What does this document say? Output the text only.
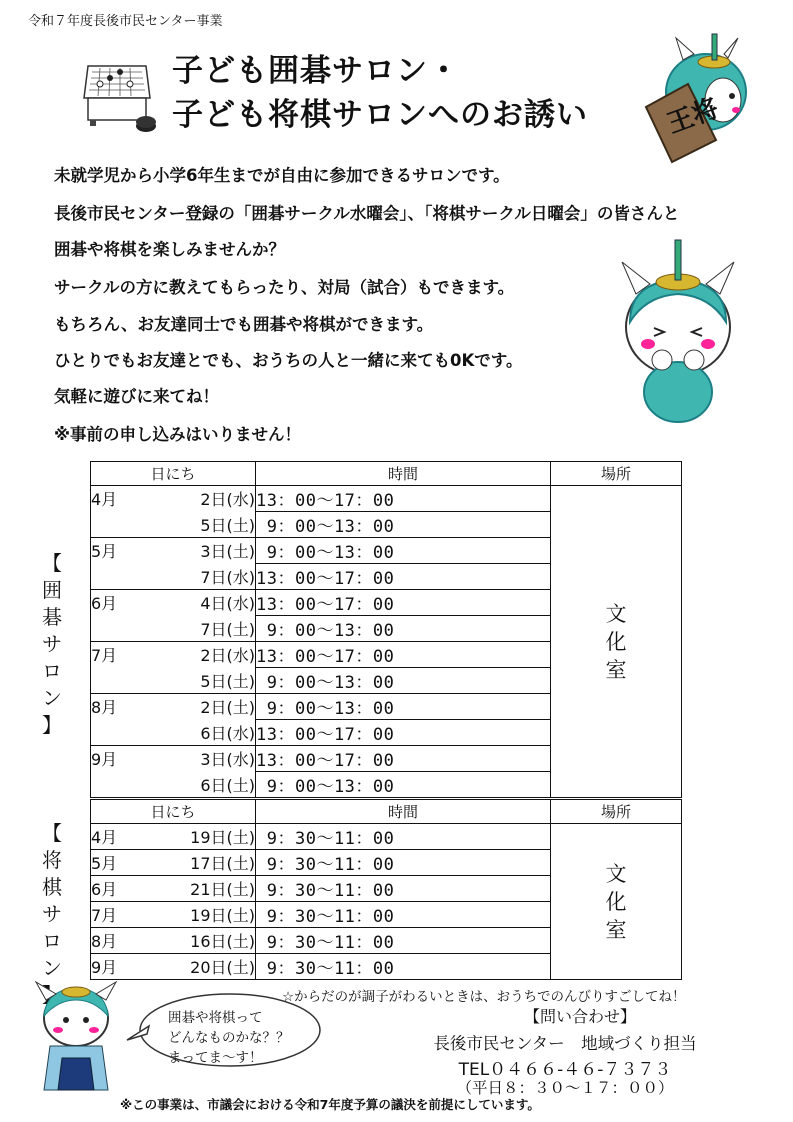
令和７年度長後市民センター事業
子ども囲碁サロン・
子ども将棋サロンへのお誘い	王将
未就学児から小学6年生までが自由に参加できるサロンです。
長後市民センター登録の「囲碁サークル水曜会」、「将棋サークル日曜会」の皆さんと
囲碁や将棋を楽しみませんか？
サークルの方に教えてもらったり、対局（試合）もできます。
もちろん、お友達同士でも囲碁や将棋ができます。
ひとりでもお友達とでも、おうちの人と一緒に来ても0Kです。
気軽に遊びに来てね！
※事前の申し込みはいりません！
【
囲
碁
サ
ロ
ン
】
日にち		時間	場所
4月	2日(水)	13：00～17：00	文
化
室

	5日(土)	9：00～13：00	
5月	3日(土)	9：00～13：00	
	7日(水)	13：00～17：00	
6月	4日(水)	13：00～17：00	
	7日(土)	9：00～13：00	
7月	2日(水)	13：00～17：00	
	5日(土)	9：00～13：00	
8月	2日(土)	9：00～13：00	
	6日(水)	13：00～17：00	
9月	3日(水)	13：00～17：00	
	6日(土)	9：00～13：00	
【
将
棋
サ
ロ
ン
日にち		時間	場所
4月	19日(土)	9：30～11：00	文
化
室

5月	17日(土)	9：30～11：00	
6月	21日(土)	9：30～11：00	
7月	19日(土)	9：30～11：00	
8月	16日(土)	9：30～11：00	
9月	20日(土)	9：30～11：00	
囲碁や将棋って
どんなものかな？？
まってま～す！
☆からだのが調子がわるいときは、おうちでのんびりすごしてね！
【問い合わせ】
長後市民センター　地域づくり担当
TEL０４６６-４６-７３７３
（平日８：３０～１７：００）
※この事業は、市議会における令和7年度予算の議決を前提にしています。
